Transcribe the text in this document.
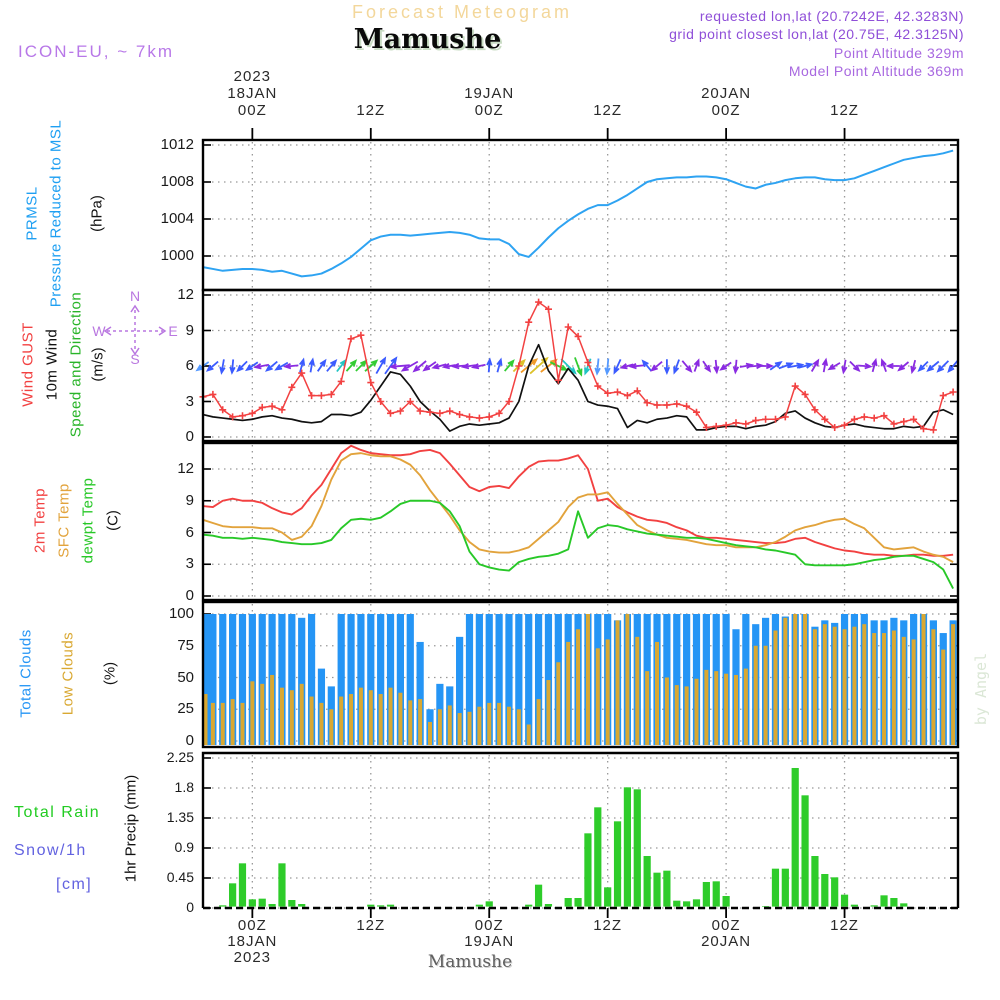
Forecast Meteogram
Mamushe
requested lon,lat (20.7242E, 42.3283N)
grid point closest lon,lat (20.75E, 42.3125N)
Point Altitude 329m
Model Point Altitude 369m
ICON-EU, ~ 7km
N
S
W	E
1012
1008
1004
1000
PRMSL Pressure Reduced to MSL (hPa)
12
9
6
3
0
Wind GUST 10m Wind Speed and Direction (m/s)
12
9
6
3
0
2m Temp SFC Temp dewpt Temp (C)
100
75
50
25
0
Total Clouds Low Clouds (%)
2.25
1.8
1.35
0.9
0.45
0
Total Rain
Snow/1h
[cm]
1hr Precip (mm)
2023
18JAN
00Z
00Z
18JAN
2023
12Z
12Z
19JAN
00Z
00Z
19JAN
12Z
12Z
20JAN
00Z
00Z
20JAN
12Z
12Z
by Angel
Mamushe
